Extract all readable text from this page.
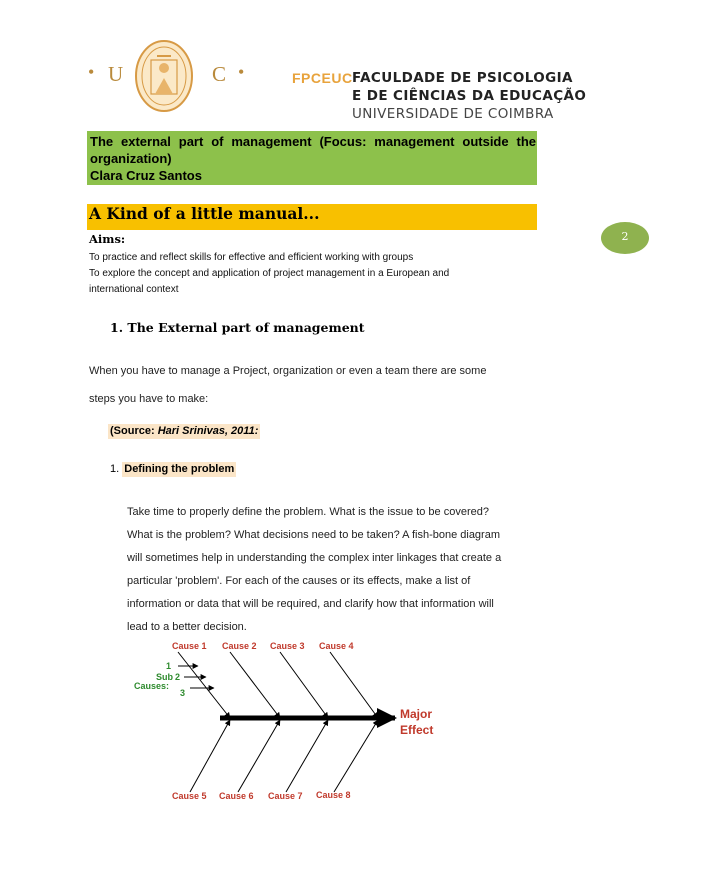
• U	C •	FPCEUC FACULDADE DE PSICOLOGIA
E DE CIÊNCIAS DA EDUCAÇÃO
UNIVERSIDADE DE COIMBRA
The external part of management (Focus: management outside the organization)
Clara Cruz Santos
A Kind of a little manual...
Aims:
To practice and reflect skills for effective and efficient working with groups
To explore the concept and application of project management in a European and
international context
2
1. The External part of management
When you have to manage a Project, organization or even a team there are some
steps you have to make:
(Source: Hari Srinivas, 2011:
1. Defining the problem
Take time to properly define the problem. What is the issue to be covered?
What is the problem? What decisions need to be taken? A fish-bone diagram
will sometimes help in understanding the complex inter linkages that create a
particular 'problem'. For each of the causes or its effects, make a list of
information or data that will be required, and clarify how that information will
lead to a better decision.
Cause 1 Cause 2 Cause 3 Cause 4
1
Sub 2
Causes:
3
Cause 5 Cause 6 Cause 7 Cause 8
Major
Effect
